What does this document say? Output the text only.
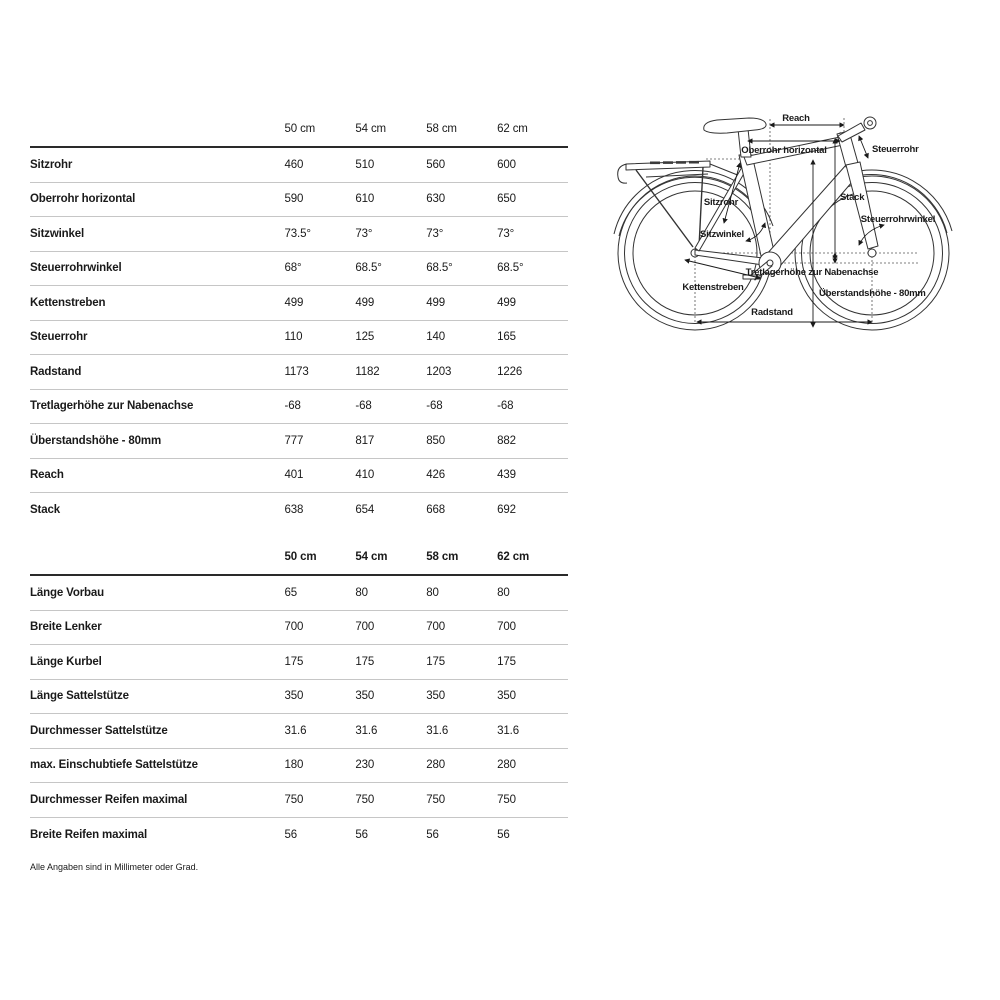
50 cm	54 cm	58 cm	62 cm
Sitzrohr	460	510	560	600
Oberrohr horizontal	590	610	630	650
Sitzwinkel	73.5°	73°	73°	73°
Steuerrohrwinkel	68°	68.5°	68.5°	68.5°
Kettenstreben	499	499	499	499
Steuerrohr	110	125	140	165
Radstand	1173	1182	1203	1226
Tretlagerhöhe zur Nabenachse	-68	-68	-68	-68
Überstandshöhe - 80mm	777	817	850	882
Reach	401	410	426	439
Stack	638	654	668	692
50 cm	54 cm	58 cm	62 cm
Länge Vorbau	65	80	80	80
Breite Lenker	700	700	700	700
Länge Kurbel	175	175	175	175
Länge Sattelstütze	350	350	350	350
Durchmesser Sattelstütze	31.6	31.6	31.6	31.6
max. Einschubtiefe Sattelstütze	180	230	280	280
Durchmesser Reifen maximal	750	750	750	750
Breite Reifen maximal	56	56	56	56
Alle Angaben sind in Millimeter oder Grad.
Reach
Oberrohr horizontal	Steuerrohr
Sitzrohr	Stack
Steuerrohrwinkel
Sitzwinkel
Tretlagerhöhe zur Nabenachse
Kettenstreben
Überstandshöhe - 80mm
Radstand
